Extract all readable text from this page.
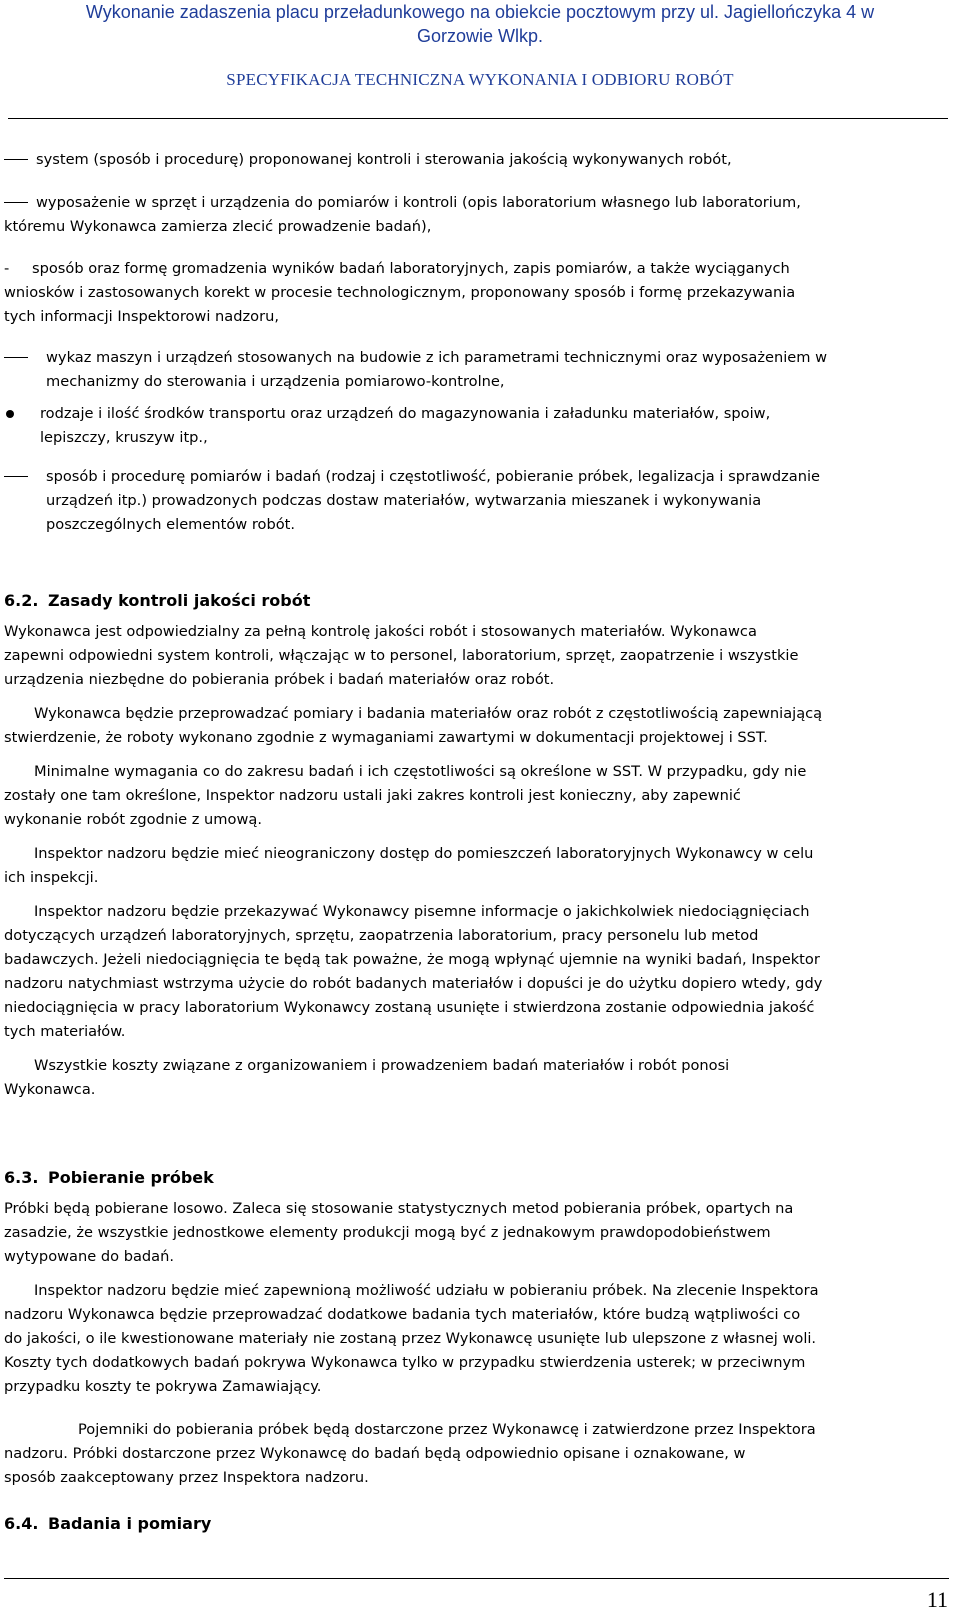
Wykonanie zadaszenia placu przeładunkowego na obiekcie pocztowym przy ul. Jagiellończyka 4 w
Gorzowie Wlkp.
SPECYFIKACJA TECHNICZNA WYKONANIA I ODBIORU ROBÓT
system (sposób i procedurę) proponowanej kontroli i sterowania jakością wykonywanych robót,
wyposażenie w sprzęt i urządzenia do pomiarów i kontroli (opis laboratorium własnego lub laboratorium,
któremu Wykonawca zamierza zlecić prowadzenie badań),
- sposób oraz formę gromadzenia wyników badań laboratoryjnych, zapis pomiarów, a także wyciąganych
wniosków i zastosowanych korekt w procesie technologicznym, proponowany sposób i formę przekazywania
tych informacji Inspektorowi nadzoru,
wykaz maszyn i urządzeń stosowanych na budowie z ich parametrami technicznymi oraz wyposażeniem w
mechanizmy do sterowania i urządzenia pomiarowo-kontrolne,
rodzaje i ilość środków transportu oraz urządzeń do magazynowania i załadunku materiałów, spoiw,
lepiszczy, kruszyw itp.,
sposób i procedurę pomiarów i badań (rodzaj i częstotliwość, pobieranie próbek, legalizacja i sprawdzanie
urządzeń itp.) prowadzonych podczas dostaw materiałów, wytwarzania mieszanek i wykonywania
poszczególnych elementów robót.
6.2. Zasady kontroli jakości robót
Wykonawca jest odpowiedzialny za pełną kontrolę jakości robót i stosowanych materiałów. Wykonawca
zapewni odpowiedni system kontroli, włączając w to personel, laboratorium, sprzęt, zaopatrzenie i wszystkie
urządzenia niezbędne do pobierania próbek i badań materiałów oraz robót.
Wykonawca będzie przeprowadzać pomiary i badania materiałów oraz robót z częstotliwością zapewniającą
stwierdzenie, że roboty wykonano zgodnie z wymaganiami zawartymi w dokumentacji projektowej i SST.
Minimalne wymagania co do zakresu badań i ich częstotliwości są określone w SST. W przypadku, gdy nie
zostały one tam określone, Inspektor nadzoru ustali jaki zakres kontroli jest konieczny, aby zapewnić
wykonanie robót zgodnie z umową.
Inspektor nadzoru będzie mieć nieograniczony dostęp do pomieszczeń laboratoryjnych Wykonawcy w celu
ich inspekcji.
Inspektor nadzoru będzie przekazywać Wykonawcy pisemne informacje o jakichkolwiek niedociągnięciach
dotyczących urządzeń laboratoryjnych, sprzętu, zaopatrzenia laboratorium, pracy personelu lub metod
badawczych. Jeżeli niedociągnięcia te będą tak poważne, że mogą wpłynąć ujemnie na wyniki badań, Inspektor
nadzoru natychmiast wstrzyma użycie do robót badanych materiałów i dopuści je do użytku dopiero wtedy, gdy
niedociągnięcia w pracy laboratorium Wykonawcy zostaną usunięte i stwierdzona zostanie odpowiednia jakość
tych materiałów.
Wszystkie koszty związane z organizowaniem i prowadzeniem badań materiałów i robót ponosi
Wykonawca.
6.3. Pobieranie próbek
Próbki będą pobierane losowo. Zaleca się stosowanie statystycznych metod pobierania próbek, opartych na
zasadzie, że wszystkie jednostkowe elementy produkcji mogą być z jednakowym prawdopodobieństwem
wytypowane do badań.
Inspektor nadzoru będzie mieć zapewnioną możliwość udziału w pobieraniu próbek. Na zlecenie Inspektora
nadzoru Wykonawca będzie przeprowadzać dodatkowe badania tych materiałów, które budzą wątpliwości co
do jakości, o ile kwestionowane materiały nie zostaną przez Wykonawcę usunięte lub ulepszone z własnej woli.
Koszty tych dodatkowych badań pokrywa Wykonawca tylko w przypadku stwierdzenia usterek; w przeciwnym
przypadku koszty te pokrywa Zamawiający.
Pojemniki do pobierania próbek będą dostarczone przez Wykonawcę i zatwierdzone przez Inspektora
nadzoru. Próbki dostarczone przez Wykonawcę do badań będą odpowiednio opisane i oznakowane, w
sposób zaakceptowany przez Inspektora nadzoru.
6.4. Badania i pomiary
11
